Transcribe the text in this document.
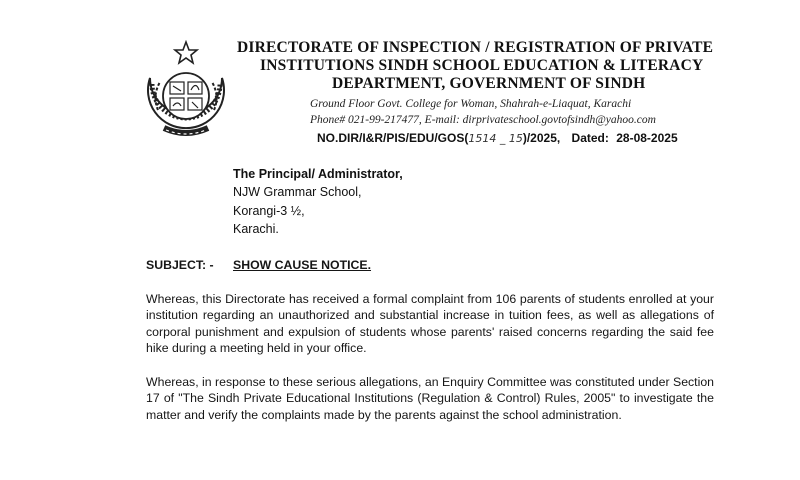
DIRECTORATE OF INSPECTION / REGISTRATION OF PRIVATE
INSTITUTIONS SINDH SCHOOL EDUCATION & LITERACY
DEPARTMENT, GOVERNMENT OF SINDH
Ground Floor Govt. College for Woman, Shahrah-e-Liaquat, Karachi
Phone# 021-99-217477, E-mail: dirprivateschool.govtofsindh@yahoo.com
NO.DIR/I&R/PIS/EDU/GOS(1514 _ 15)/2025, Dated: 28-08-2025
The Principal/ Administrator,
NJW Grammar School,
Korangi-3 ½,
Karachi.
SUBJECT: - SHOW CAUSE NOTICE.
Whereas, this Directorate has received a formal complaint from 106 parents of students enrolled at your institution regarding an unauthorized and substantial increase in tuition fees, as well as allegations of corporal punishment and expulsion of students whose parents' raised concerns regarding the said fee hike during a meeting held in your office.
Whereas, in response to these serious allegations, an Enquiry Committee was constituted under Section 17 of "The Sindh Private Educational Institutions (Regulation & Control) Rules, 2005" to investigate the matter and verify the complaints made by the parents against the school administration.
